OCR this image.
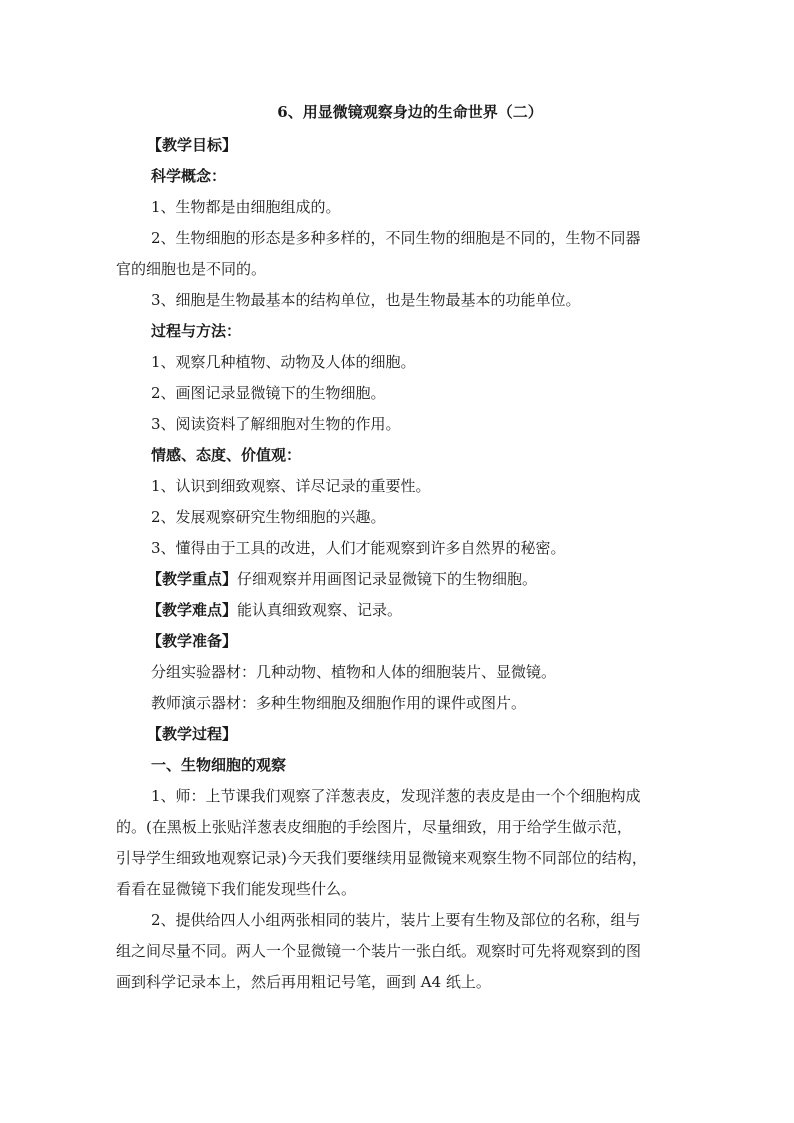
6、用显微镜观察身边的生命世界（二）
【教学目标】
科学概念：
1、生物都是由细胞组成的。
2、生物细胞的形态是多种多样的，不同生物的细胞是不同的，生物不同器
官的细胞也是不同的。
3、细胞是生物最基本的结构单位，也是生物最基本的功能单位。
过程与方法：
1、观察几种植物、动物及人体的细胞。
2、画图记录显微镜下的生物细胞。
3、阅读资料了解细胞对生物的作用。
情感、态度、价值观：
1、认识到细致观察、详尽记录的重要性。
2、发展观察研究生物细胞的兴趣。
3、懂得由于工具的改进，人们才能观察到许多自然界的秘密。
【教学重点】仔细观察并用画图记录显微镜下的生物细胞。
【教学难点】能认真细致观察、记录。
【教学准备】
分组实验器材：几种动物、植物和人体的细胞装片、显微镜。
教师演示器材：多种生物细胞及细胞作用的课件或图片。
【教学过程】
一、生物细胞的观察
1、师：上节课我们观察了洋葱表皮，发现洋葱的表皮是由一个个细胞构成
的。(在黑板上张贴洋葱表皮细胞的手绘图片，尽量细致，用于给学生做示范，
引导学生细致地观察记录)今天我们要继续用显微镜来观察生物不同部位的结构，
看看在显微镜下我们能发现些什么。
2、提供给四人小组两张相同的装片，装片上要有生物及部位的名称，组与
组之间尽量不同。两人一个显微镜一个装片一张白纸。观察时可先将观察到的图
画到科学记录本上，然后再用粗记号笔，画到 A4 纸上。
